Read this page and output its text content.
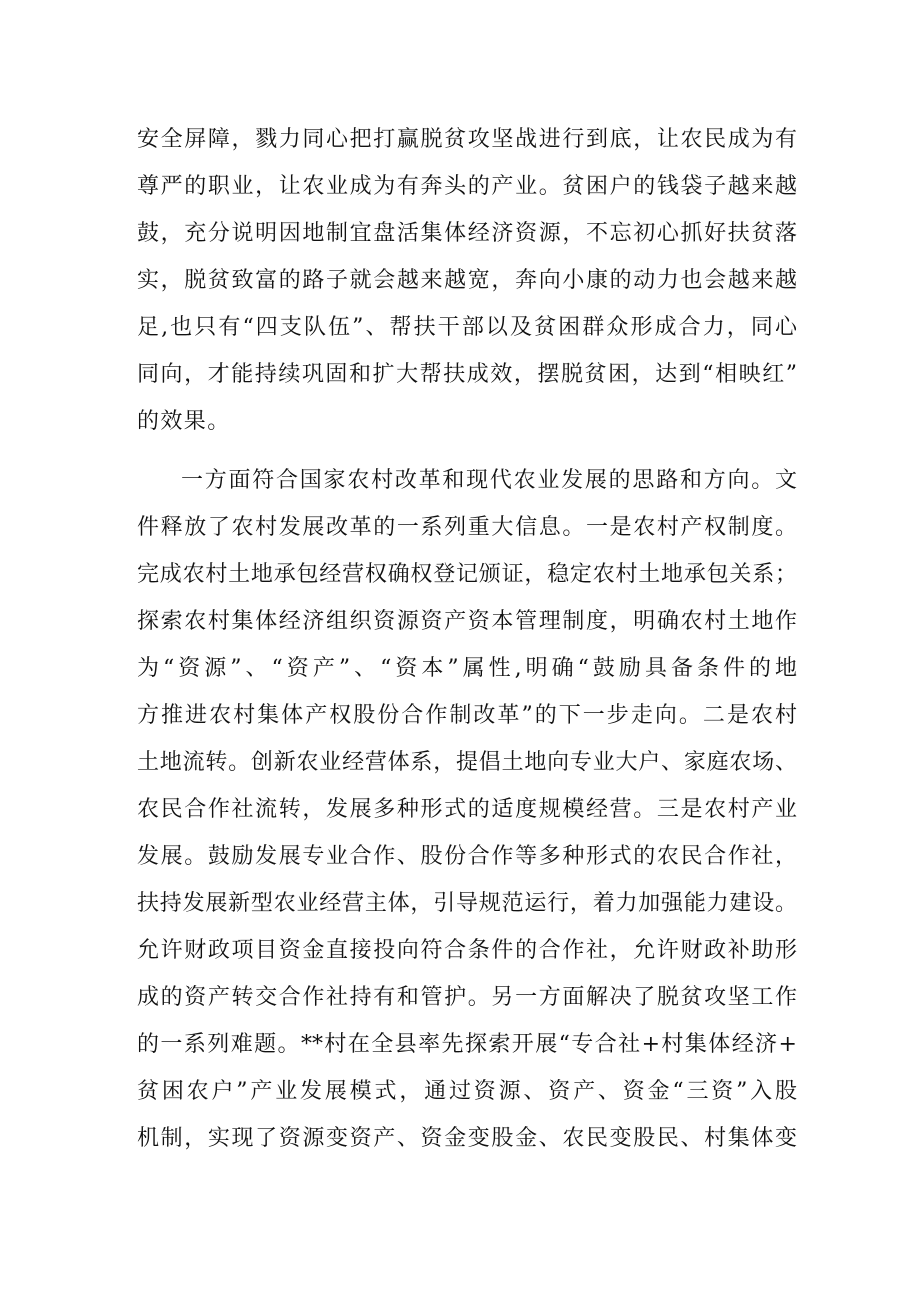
安全屏障，戮力同心把打赢脱贫攻坚战进行到底，让农民成为有
尊严的职业，让农业成为有奔头的产业。贫困户的钱袋子越来越
鼓，充分说明因地制宜盘活集体经济资源，不忘初心抓好扶贫落
实，脱贫致富的路子就会越来越宽，奔向小康的动力也会越来越
足,也只有“四支队伍”、帮扶干部以及贫困群众形成合力，同心
同向，才能持续巩固和扩大帮扶成效，摆脱贫困，达到“相映红”
的效果。
一方面符合国家农村改革和现代农业发展的思路和方向。文
件释放了农村发展改革的一系列重大信息。一是农村产权制度。
完成农村土地承包经营权确权登记颁证，稳定农村土地承包关系；
探索农村集体经济组织资源资产资本管理制度，明确农村土地作
为“资源”、“资产”、“资本”属性,明确“鼓励具备条件的地
方推进农村集体产权股份合作制改革”的下一步走向。二是农村
土地流转。创新农业经营体系，提倡土地向专业大户、家庭农场、
农民合作社流转，发展多种形式的适度规模经营。三是农村产业
发展。鼓励发展专业合作、股份合作等多种形式的农民合作社，
扶持发展新型农业经营主体，引导规范运行，着力加强能力建设。
允许财政项目资金直接投向符合条件的合作社，允许财政补助形
成的资产转交合作社持有和管护。另一方面解决了脱贫攻坚工作
的一系列难题。**村在全县率先探索开展“专合社+村集体经济+
贫困农户”产业发展模式，通过资源、资产、资金“三资”入股
机制，实现了资源变资产、资金变股金、农民变股民、村集体变
